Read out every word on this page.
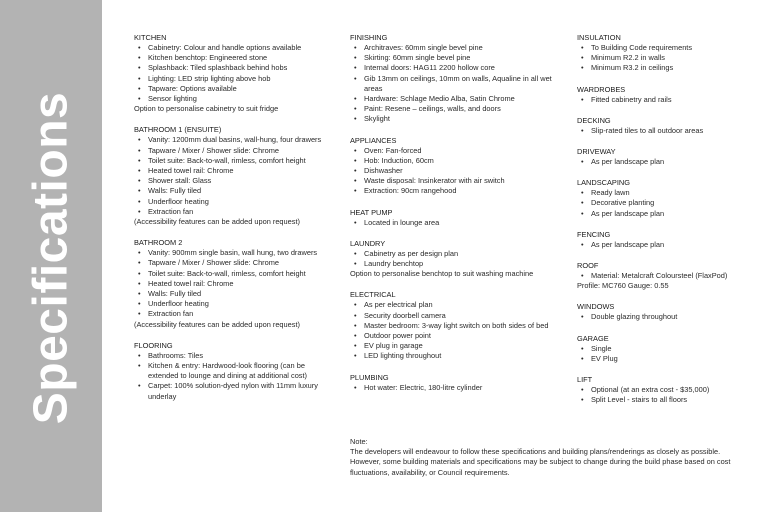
Specifications
KITCHEN
• Cabinetry: Colour and handle options available
• Kitchen benchtop: Engineered stone
• Splashback: Tiled splashback behind hobs
• Lighting: LED strip lighting above hob
• Tapware: Options available
• Sensor lighting
Option to personalise cabinetry to suit fridge
BATHROOM 1 (ENSUITE)
• Vanity: 1200mm dual basins, wall-hung, four drawers
• Tapware / Mixer / Shower slide: Chrome
• Toilet suite: Back-to-wall, rimless, comfort height
• Heated towel rail: Chrome
• Shower stall: Glass
• Walls: Fully tiled
• Underfloor heating
• Extraction fan
(Accessibility features can be added upon request)
BATHROOM 2
• Vanity: 900mm single basin, wall hung, two drawers
• Tapware / Mixer / Shower slide: Chrome
• Toilet suite: Back-to-wall, rimless, comfort height
• Heated towel rail: Chrome
• Walls: Fully tiled
• Underfloor heating
• Extraction fan
(Accessibility features can be added upon request)
FLOORING
• Bathrooms: Tiles
• Kitchen & entry: Hardwood-look flooring (can be extended to lounge and dining at additional cost)
• Carpet: 100% solution-dyed nylon with 11mm luxury underlay
FINISHING
• Architraves: 60mm single bevel pine
• Skirting: 60mm single bevel pine
• Internal doors: HAG11 2200 hollow core
• Gib 13mm on ceilings, 10mm on walls, Aqualine in all wet areas
• Hardware: Schlage Medio Alba, Satin Chrome
• Paint: Resene – ceilings, walls, and doors
• Skylight
APPLIANCES
• Oven: Fan-forced
• Hob: Induction, 60cm
• Dishwasher
• Waste disposal: Insinkerator with air switch
• Extraction: 90cm rangehood
HEAT PUMP
• Located in lounge area
LAUNDRY
• Cabinetry as per design plan
• Laundry benchtop
Option to personalise benchtop to suit washing machine
ELECTRICAL
• As per electrical plan
• Security doorbell camera
• Master bedroom: 3-way light switch on both sides of bed
• Outdoor power point
• EV plug in garage
• LED lighting throughout
PLUMBING
• Hot water: Electric, 180-litre cylinder
INSULATION
• To Building Code requirements
• Minimum R2.2 in walls
• Minimum R3.2 in ceilings
WARDROBES
• Fitted cabinetry and rails
DECKING
• Slip-rated tiles to all outdoor areas
DRIVEWAY
• As per landscape plan
LANDSCAPING
• Ready lawn
• Decorative planting
• As per landscape plan
FENCING
• As per landscape plan
ROOF
• Material: Metalcraft Coloursteel (FlaxPod)
Profile: MC760 Gauge: 0.55
WINDOWS
• Double glazing throughout
GARAGE
• Single
• EV Plug
LIFT
• Optional (at an extra cost - $35,000)
• Split Level - stairs to all floors
Note:
The developers will endeavour to follow these specifications and building plans/renderings as closely as possible. However, some building materials and specifications may be subject to change during the build phase based on cost fluctuations, availability, or Council requirements.
